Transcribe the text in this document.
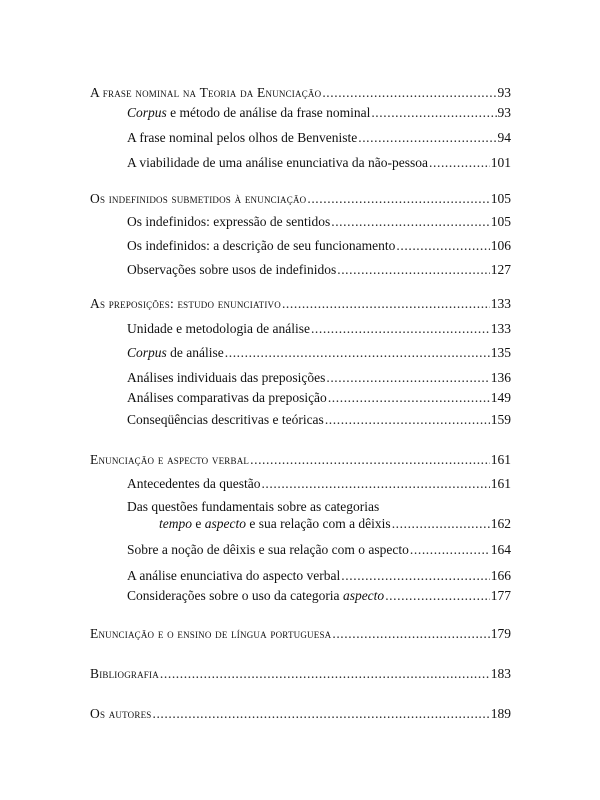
A frase nominal na Teoria da Enunciação .....	93
Corpus e método de análise da frase nominal .....	93
A frase nominal pelos olhos de Benveniste .....	94
A viabilidade de uma análise enunciativa da não-pessoa .....	101
Os indefinidos submetidos à enunciação .....	105
Os indefinidos: expressão de sentidos .....	105
Os indefinidos: a descrição de seu funcionamento .....	106
Observações sobre usos de indefinidos .....	127
As preposições: estudo enunciativo .....	133
Unidade e metodologia de análise .....	133
Corpus de análise .....	135
Análises individuais das preposições .....	136
Análises comparativas da preposição .....	149
Conseqüências descritivas e teóricas .....	159
Enunciação e aspecto verbal .....	161
Antecedentes da questão .....	161
Das questões fundamentais sobre as categorias
tempo e aspecto e sua relação com a dêixis .....	162
Sobre a noção de dêixis e sua relação com o aspecto .....	164
A análise enunciativa do aspecto verbal .....	166
Considerações sobre o uso da categoria aspecto .....	177
Enunciação e o ensino de língua portuguesa .....	179
Bibliografia .....	183
Os autores .....	189
